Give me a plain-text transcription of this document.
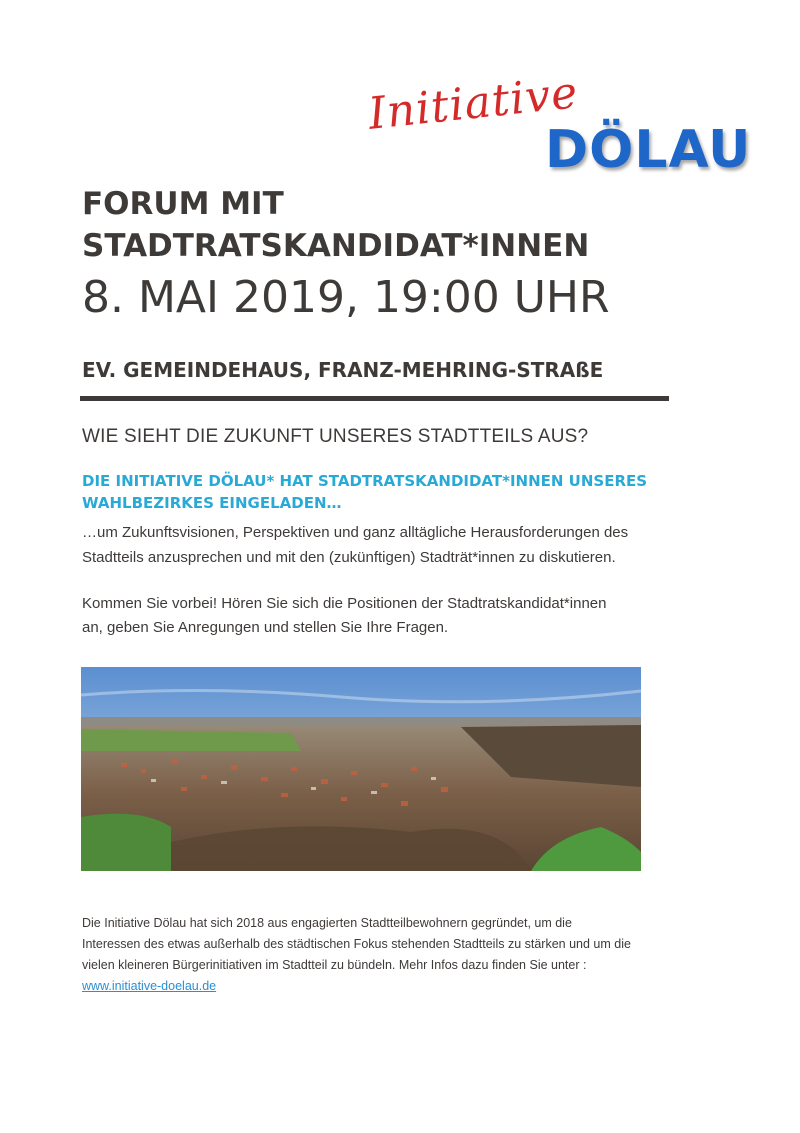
Initiative
DÖLAU
FORUM MIT
STADTRATSKANDIDAT*INNEN
8. MAI 2019, 19:00 UHR
EV. GEMEINDEHAUS, FRANZ-MEHRING-STRAßE
WIE SIEHT DIE ZUKUNFT UNSERES STADTTEILS AUS?
DIE INITIATIVE DÖLAU* HAT STADTRATSKANDIDAT*INNEN UNSERES
WAHLBEZIRKES EINGELADEN…
…um Zukunftsvisionen, Perspektiven und ganz alltägliche Herausforderungen des
Stadtteils anzusprechen und mit den (zukünftigen) Stadträt*innen zu diskutieren.
Kommen Sie vorbei! Hören Sie sich die Positionen der Stadtratskandidat*innen
an, geben Sie Anregungen und stellen Sie Ihre Fragen.
Die Initiative Dölau hat sich 2018 aus engagierten Stadtteilbewohnern gegründet, um die
Interessen des etwas außerhalb des städtischen Fokus stehenden Stadtteils zu stärken und um die
vielen kleineren Bürgerinitiativen im Stadtteil zu bündeln. Mehr Infos dazu finden Sie unter :
www.initiative-doelau.de
